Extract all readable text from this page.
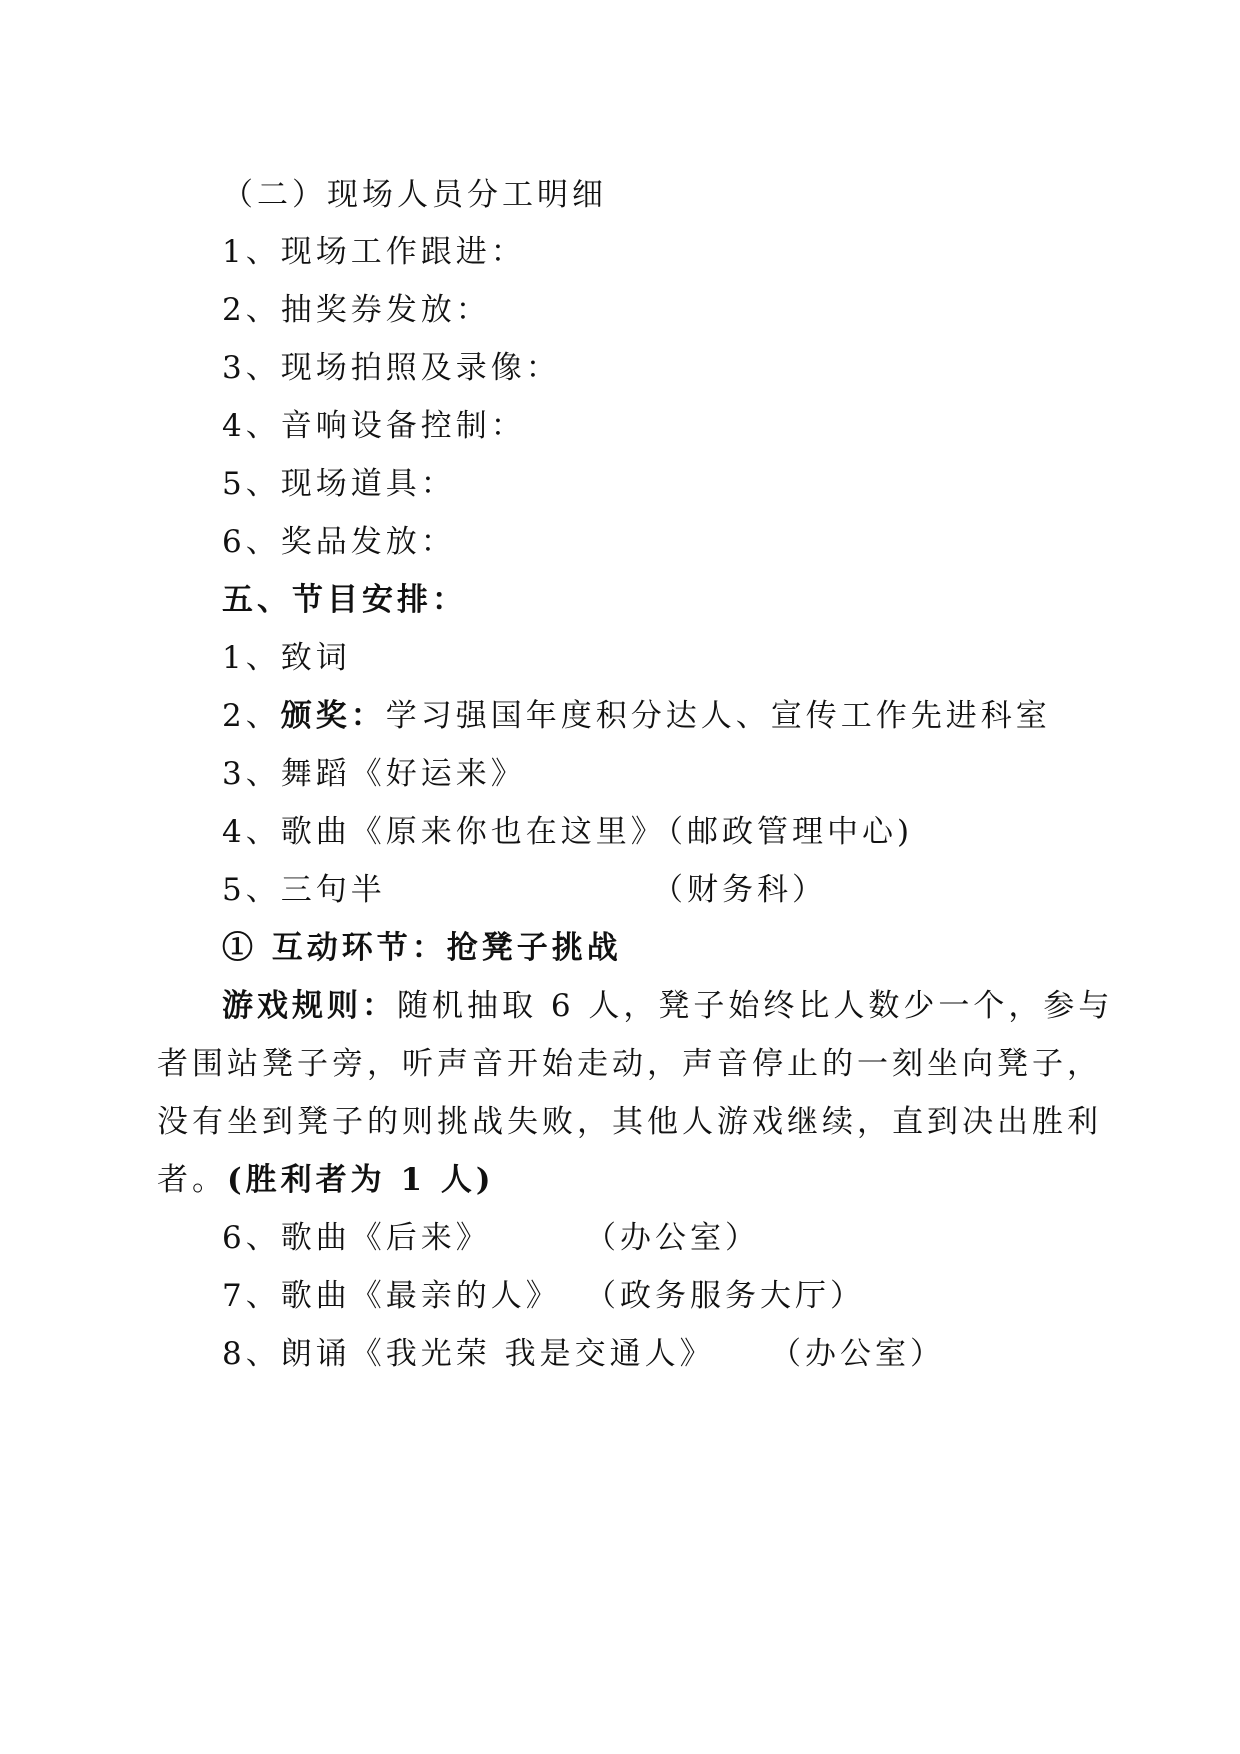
（二）现场人员分工明细
1、现场工作跟进：
2、抽奖券发放：
3、现场拍照及录像：
4、音响设备控制：
5、现场道具：
6、奖品发放：
五、节目安排：
1、致词
2、颁奖：学习强国年度积分达人、宣传工作先进科室
3、舞蹈《好运来》
4、歌曲《原来你也在这里》
（邮政管理中心)
5、三句半	（财务科）
① 互动环节：抢凳子挑战
游戏规则：随机抽取 6 人，凳子始终比人数少一个，参与
者围站凳子旁，听声音开始走动，声音停止的一刻坐向凳子，
没有坐到凳子的则挑战失败，其他人游戏继续，直到决出胜利
者。(胜利者为 1 人)
6、歌曲《后来》	（办公室）
7、歌曲《最亲的人》 （政务服务大厅）
8、朗诵《我光荣 我是交通人》 （办公室）
